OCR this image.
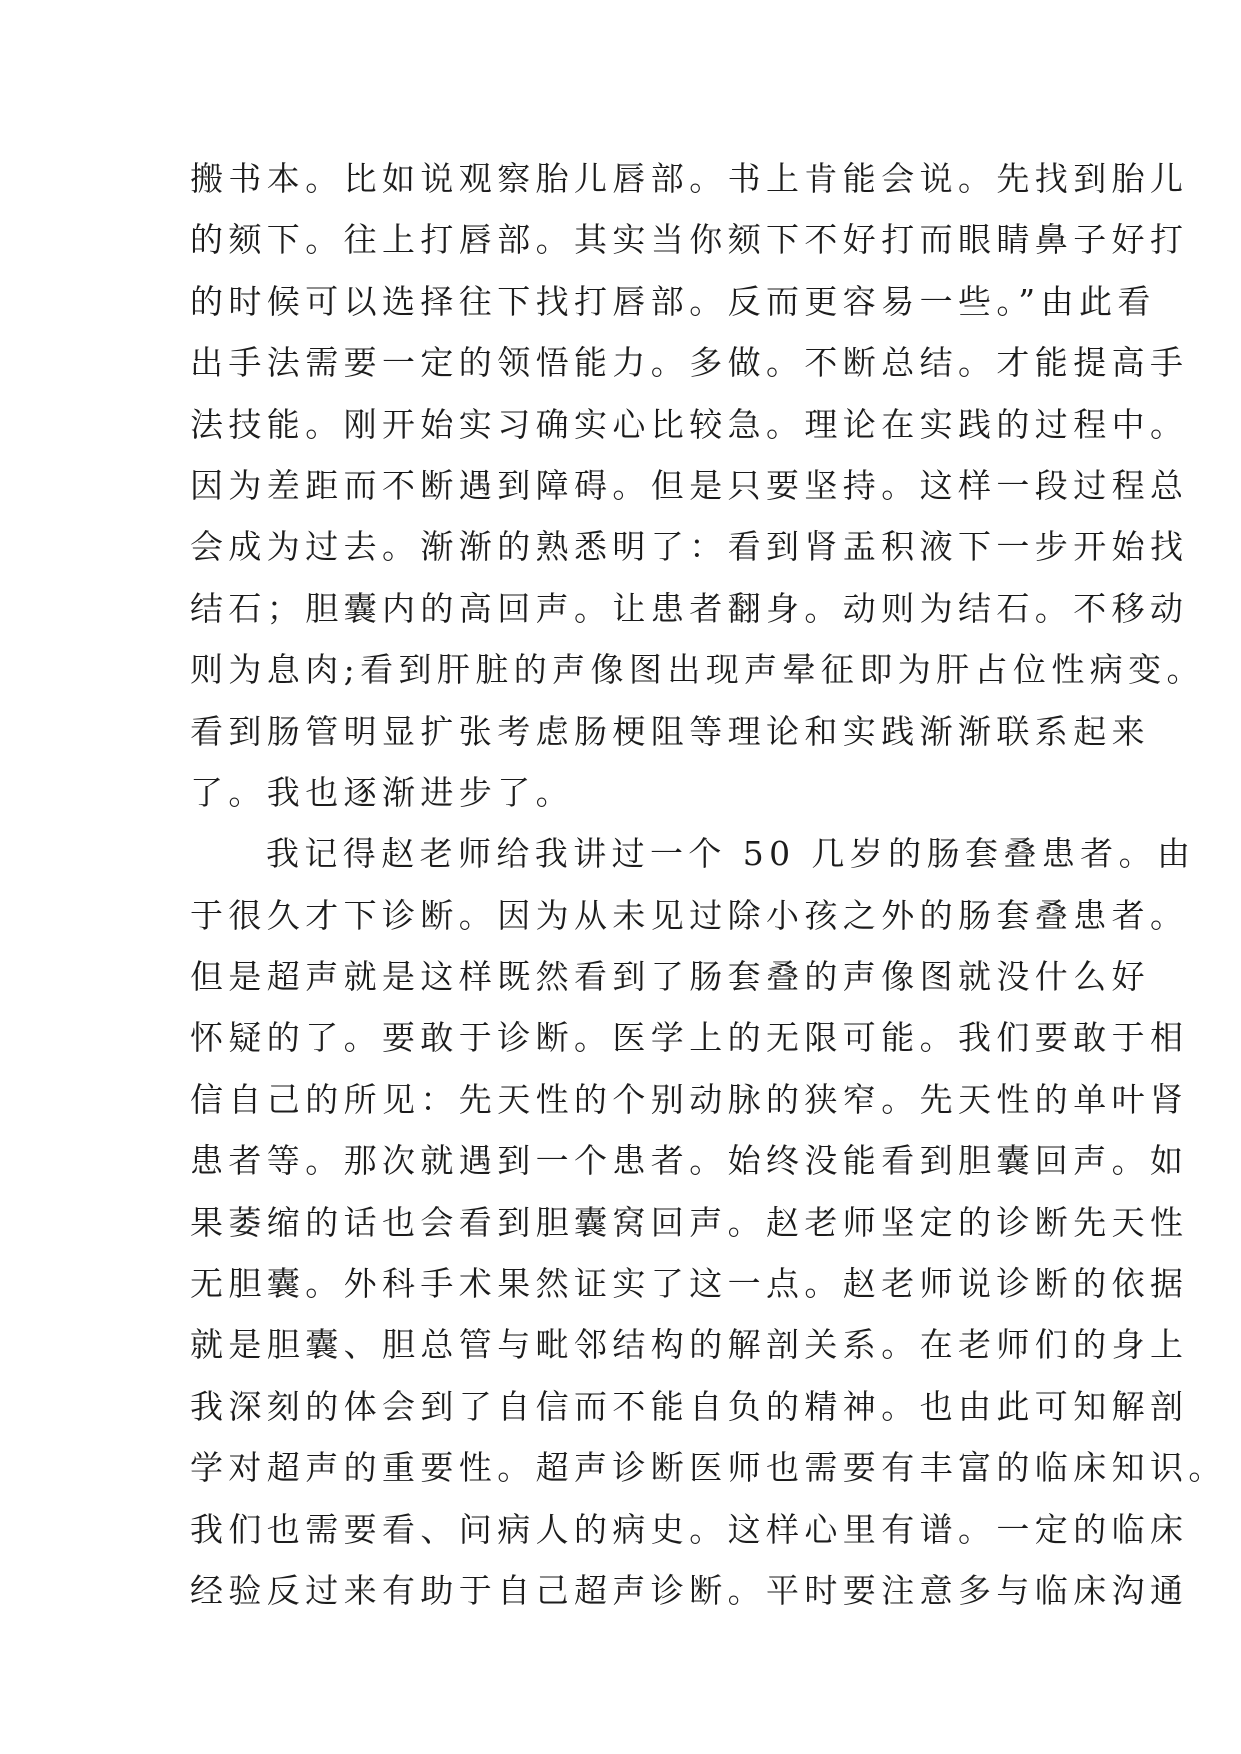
搬书本。比如说观察胎儿唇部。书上肯能会说。先找到胎儿
的颏下。往上打唇部。其实当你颏下不好打而眼睛鼻子好打
的时候可以选择往下找打唇部。反而更容易一些。”由此看
出手法需要一定的领悟能力。多做。不断总结。才能提高手
法技能。刚开始实习确实心比较急。理论在实践的过程中。
因为差距而不断遇到障碍。但是只要坚持。这样一段过程总
会成为过去。渐渐的熟悉明了：看到肾盂积液下一步开始找
结石；胆囊内的高回声。让患者翻身。动则为结石。不移动
则为息肉;看到肝脏的声像图出现声晕征即为肝占位性病变。
看到肠管明显扩张考虑肠梗阻等理论和实践渐渐联系起来
了。我也逐渐进步了。
我记得赵老师给我讲过一个 50 几岁的肠套叠患者。由
于很久才下诊断。因为从未见过除小孩之外的肠套叠患者。
但是超声就是这样既然看到了肠套叠的声像图就没什么好
怀疑的了。要敢于诊断。医学上的无限可能。我们要敢于相
信自己的所见：先天性的个别动脉的狭窄。先天性的单叶肾
患者等。那次就遇到一个患者。始终没能看到胆囊回声。如
果萎缩的话也会看到胆囊窝回声。赵老师坚定的诊断先天性
无胆囊。外科手术果然证实了这一点。赵老师说诊断的依据
就是胆囊、胆总管与毗邻结构的解剖关系。在老师们的身上
我深刻的体会到了自信而不能自负的精神。也由此可知解剖
学对超声的重要性。超声诊断医师也需要有丰富的临床知识。
我们也需要看、问病人的病史。这样心里有谱。一定的临床
经验反过来有助于自己超声诊断。平时要注意多与临床沟通
